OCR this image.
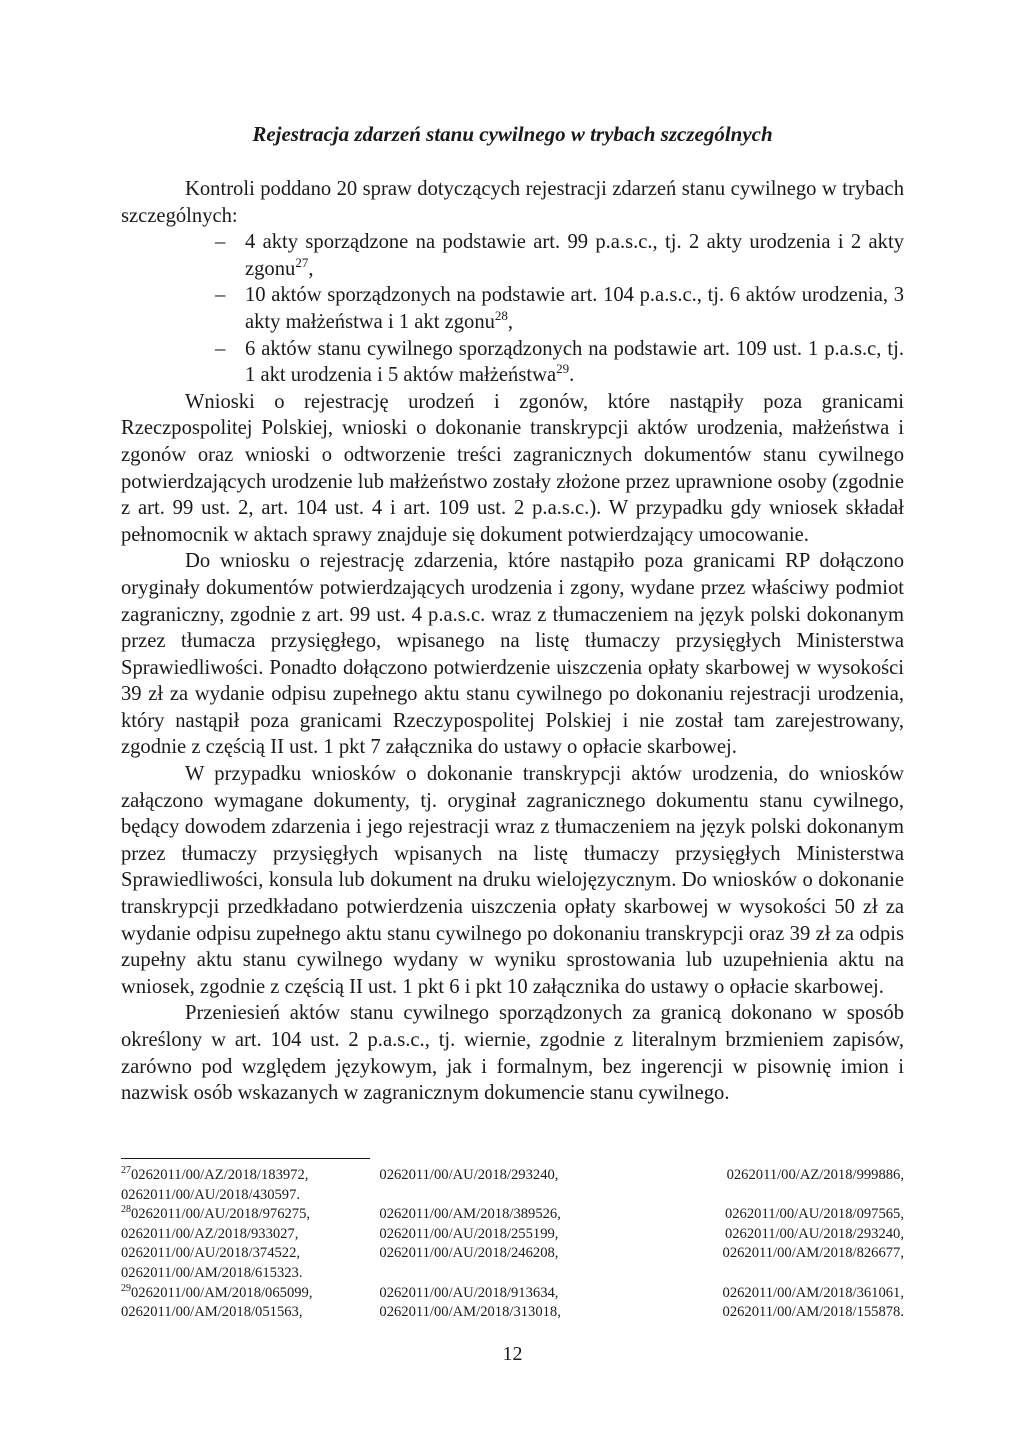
Rejestracja zdarzeń stanu cywilnego w trybach szczególnych

Kontroli poddano 20 spraw dotyczących rejestracji zdarzeń stanu cywilnego w trybach szczególnych:

– 4 akty sporządzone na podstawie art. 99 p.a.s.c., tj. 2 akty urodzenia i 2 akty zgonu$^{27}$,
– 10 aktów sporządzonych na podstawie art. 104 p.a.s.c., tj. 6 aktów urodzenia, 3 akty małżeństwa i 1 akt zgonu$^{28}$,
– 6 aktów stanu cywilnego sporządzonych na podstawie art. 109 ust. 1 p.a.s.c, tj. 1 akt urodzenia i 5 aktów małżeństwa$^{29}$.

Wnioski o rejestrację urodzeń i zgonów, które nastąpiły poza granicami Rzeczpospolitej Polskiej, wnioski o dokonanie transkrypcji aktów urodzenia, małżeństwa i zgonów oraz wnioski o odtworzenie treści zagranicznych dokumentów stanu cywilnego potwierdzających urodzenie lub małżeństwo zostały złożone przez uprawnione osoby (zgodnie z art. 99 ust. 2, art. 104 ust. 4 i art. 109 ust. 2 p.a.s.c.). W przypadku gdy wniosek składał pełnomocnik w aktach sprawy znajduje się dokument potwierdzający umocowanie.

Do wniosku o rejestrację zdarzenia, które nastąpiło poza granicami RP dołączono oryginały dokumentów potwierdzających urodzenia i zgony, wydane przez właściwy podmiot zagraniczny, zgodnie z art. 99 ust. 4 p.a.s.c. wraz z tłumaczeniem na język polski dokonanym przez tłumacza przysięgłego, wpisanego na listę tłumaczy przysięgłych Ministerstwa Sprawiedliwości. Ponadto dołączono potwierdzenie uiszczenia opłaty skarbowej w wysokości 39 zł za wydanie odpisu zupełnego aktu stanu cywilnego po dokonaniu rejestracji urodzenia, który nastąpił poza granicami Rzeczypospolitej Polskiej i nie został tam zarejestrowany, zgodnie z częścią II ust. 1 pkt 7 załącznika do ustawy o opłacie skarbowej.

W przypadku wniosków o dokonanie transkrypcji aktów urodzenia, do wniosków załączono wymagane dokumenty, tj. oryginał zagranicznego dokumentu stanu cywilnego, będący dowodem zdarzenia i jego rejestracji wraz z tłumaczeniem na język polski dokonanym przez tłumaczy przysięgłych wpisanych na listę tłumaczy przysięgłych Ministerstwa Sprawiedliwości, konsula lub dokument na druku wielojęzycznym. Do wniosków o dokonanie transkrypcji przedkładano potwierdzenia uiszczenia opłaty skarbowej w wysokości 50 zł za wydanie odpisu zupełnego aktu stanu cywilnego po dokonaniu transkrypcji oraz 39 zł za odpis zupełny aktu stanu cywilnego wydany w wyniku sprostowania lub uzupełnienia aktu na wniosek, zgodnie z częścią II ust. 1 pkt 6 i pkt 10 załącznika do ustawy o opłacie skarbowej.

Przeniesień aktów stanu cywilnego sporządzonych za granicą dokonano w sposób określony w art. 104 ust. 2 p.a.s.c., tj. wiernie, zgodnie z literalnym brzmieniem zapisów, zarówno pod względem językowym, jak i formalnym, bez ingerencji w pisownię imion i nazwisk osób wskazanych w zagranicznym dokumencie stanu cywilnego.

$^{27}$0262011/00/AZ/2018/183972,	0262011/00/AU/2018/293240,	0262011/00/AZ/2018/999886,
0262011/00/AU/2018/430597.
$^{28}$0262011/00/AU/2018/976275,	0262011/00/AM/2018/389526,	0262011/00/AU/2018/097565,
0262011/00/AZ/2018/933027,	0262011/00/AU/2018/255199,	0262011/00/AU/2018/293240,
0262011/00/AU/2018/374522,	0262011/00/AU/2018/246208,	0262011/00/AM/2018/826677,
0262011/00/AM/2018/615323.
$^{29}$0262011/00/AM/2018/065099,	0262011/00/AU/2018/913634,	0262011/00/AM/2018/361061,
0262011/00/AM/2018/051563,	0262011/00/AM/2018/313018,	0262011/00/AM/2018/155878.
12
